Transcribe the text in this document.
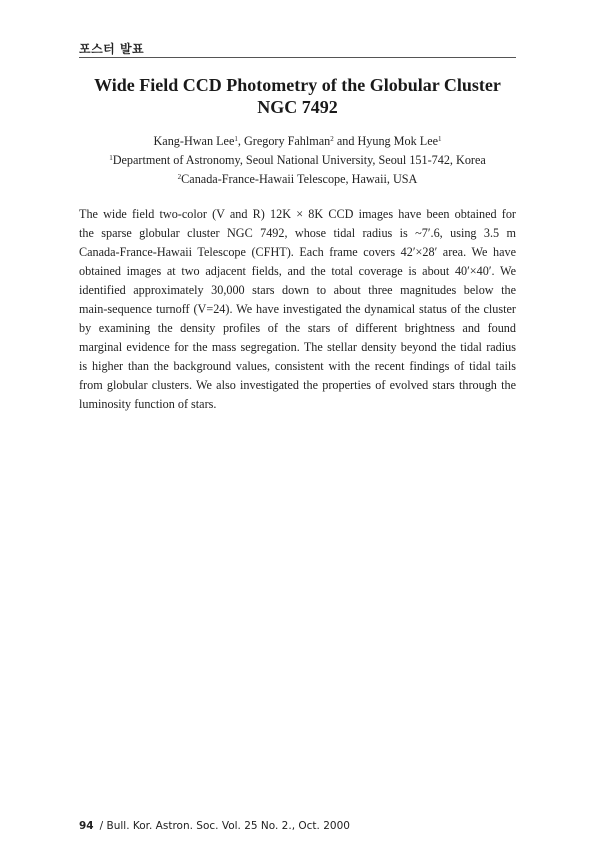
포스터 발표
Wide Field CCD Photometry of the Globular Cluster
NGC 7492
Kang-Hwan Lee$^1$, Gregory Fahlman$^2$ and Hyung Mok Lee$^1$
$^1$Department of Astronomy, Seoul National University, Seoul 151-742, Korea
$^2$Canada-France-Hawaii Telescope, Hawaii, USA
The wide field two-color (V and R) 12K × 8K CCD images have been obtained for
the sparse globular cluster NGC 7492, whose tidal radius is ~7′.6, using 3.5 m
Canada-France-Hawaii Telescope (CFHT). Each frame covers 42′×28′ area. We have
obtained images at two adjacent fields, and the total coverage is about 40′×40′. We
identified approximately 30,000 stars down to about three magnitudes below the
main-sequence turnoff (V=24). We have investigated the dynamical status of the cluster
by examining the density profiles of the stars of different brightness and found
marginal evidence for the mass segregation. The stellar density beyond the tidal radius
is higher than the background values, consistent with the recent findings of tidal tails
from globular clusters. We also investigated the properties of evolved stars through the
luminosity function of stars.
94 / Bull. Kor. Astron. Soc. Vol. 25 No. 2., Oct. 2000
